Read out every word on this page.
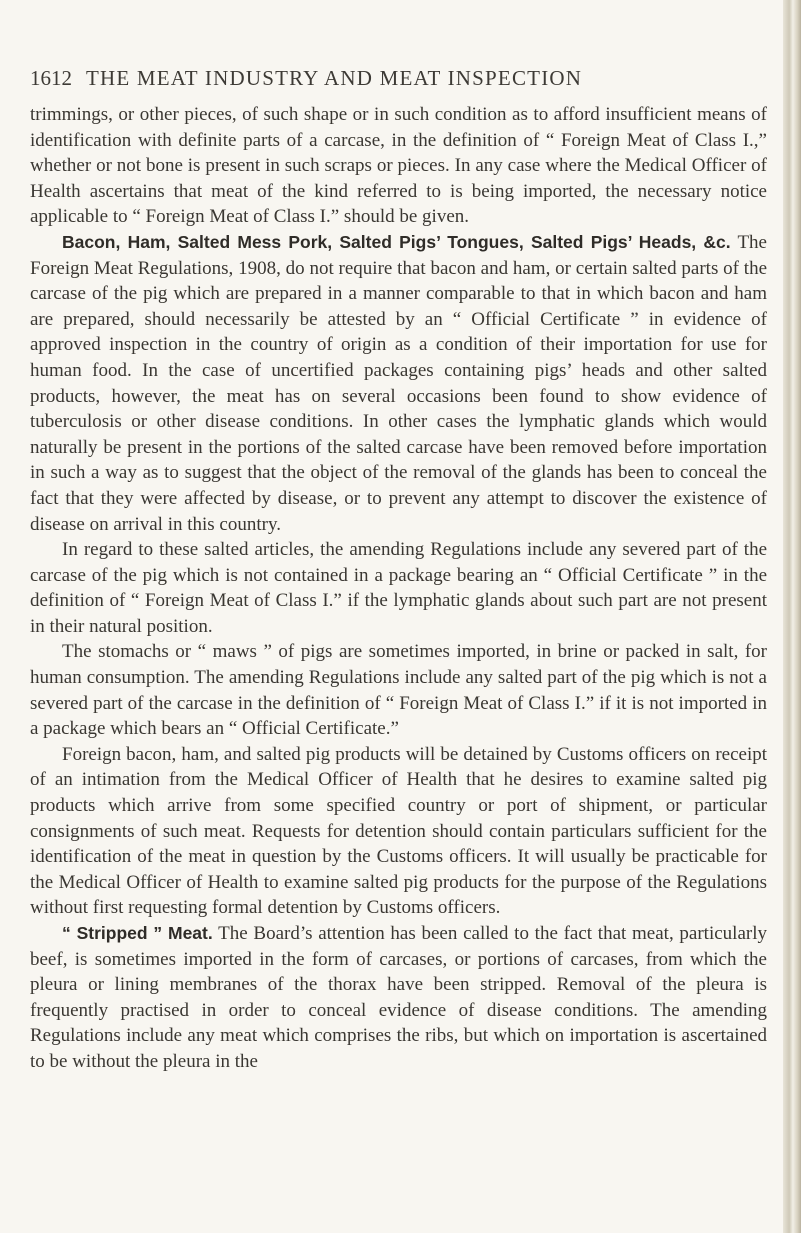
1612 THE MEAT INDUSTRY AND MEAT INSPECTION

trimmings, or other pieces, of such shape or in such condition as to afford insufficient means of identification with definite parts of a carcase, in the definition of “ Foreign Meat of Class I.,” whether or not bone is present in such scraps or pieces. In any case where the Medical Officer of Health ascertains that meat of the kind referred to is being imported, the necessary notice applicable to “ Foreign Meat of Class I.” should be given.

Bacon, Ham, Salted Mess Pork, Salted Pigs’ Tongues, Salted Pigs’ Heads, &c. The Foreign Meat Regulations, 1908, do not require that bacon and ham, or certain salted parts of the carcase of the pig which are prepared in a manner comparable to that in which bacon and ham are prepared, should necessarily be attested by an “ Official Certificate ” in evidence of approved inspection in the country of origin as a condition of their importation for use for human food. In the case of uncertified packages containing pigs’ heads and other salted products, however, the meat has on several occasions been found to show evidence of tuberculosis or other disease conditions. In other cases the lymphatic glands which would naturally be present in the portions of the salted carcase have been removed before importation in such a way as to suggest that the object of the removal of the glands has been to conceal the fact that they were affected by disease, or to prevent any attempt to discover the existence of disease on arrival in this country.

In regard to these salted articles, the amending Regulations include any severed part of the carcase of the pig which is not contained in a package bearing an “ Official Certificate ” in the definition of “ Foreign Meat of Class I.” if the lymphatic glands about such part are not present in their natural position.

The stomachs or “ maws ” of pigs are sometimes imported, in brine or packed in salt, for human consumption. The amending Regulations include any salted part of the pig which is not a severed part of the carcase in the definition of “ Foreign Meat of Class I.” if it is not imported in a package which bears an “ Official Certificate.”

Foreign bacon, ham, and salted pig products will be detained by Customs officers on receipt of an intimation from the Medical Officer of Health that he desires to examine salted pig products which arrive from some specified country or port of shipment, or particular consignments of such meat. Requests for detention should contain particulars sufficient for the identification of the meat in question by the Customs officers. It will usually be practicable for the Medical Officer of Health to examine salted pig products for the purpose of the Regulations without first requesting formal detention by Customs officers.

“ Stripped ” Meat. The Board’s attention has been called to the fact that meat, particularly beef, is sometimes imported in the form of carcases, or portions of carcases, from which the pleura or lining membranes of the thorax have been stripped. Removal of the pleura is frequently practised in order to conceal evidence of disease conditions. The amending Regulations include any meat which comprises the ribs, but which on importation is ascertained to be without the pleura in the
